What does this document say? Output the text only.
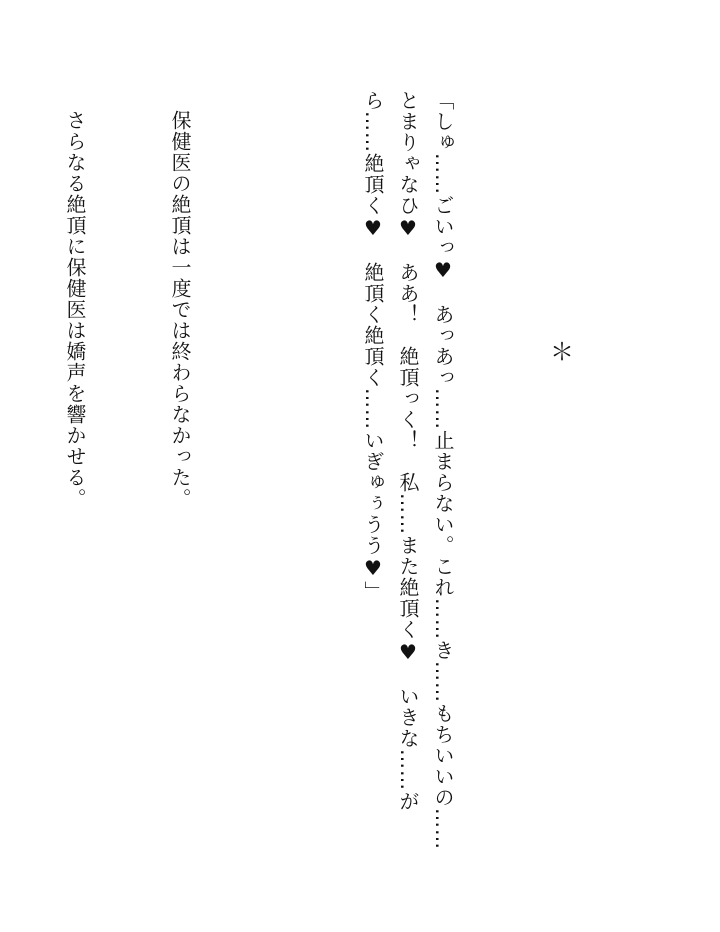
＊

「しゅ……ごいっ♥　あっあっ……止まらない。これ……き……もちいいの……とまりゃなひ♥　ああ！　絶頂っく！　私……また絶頂く♥　いきな……がら……絶頂く♥　絶頂く絶頂く……いぎゅぅうう♥」

保健医の絶頂は一度では終わらなかった。

さらなる絶頂に保健医は嬌声を響かせる。
